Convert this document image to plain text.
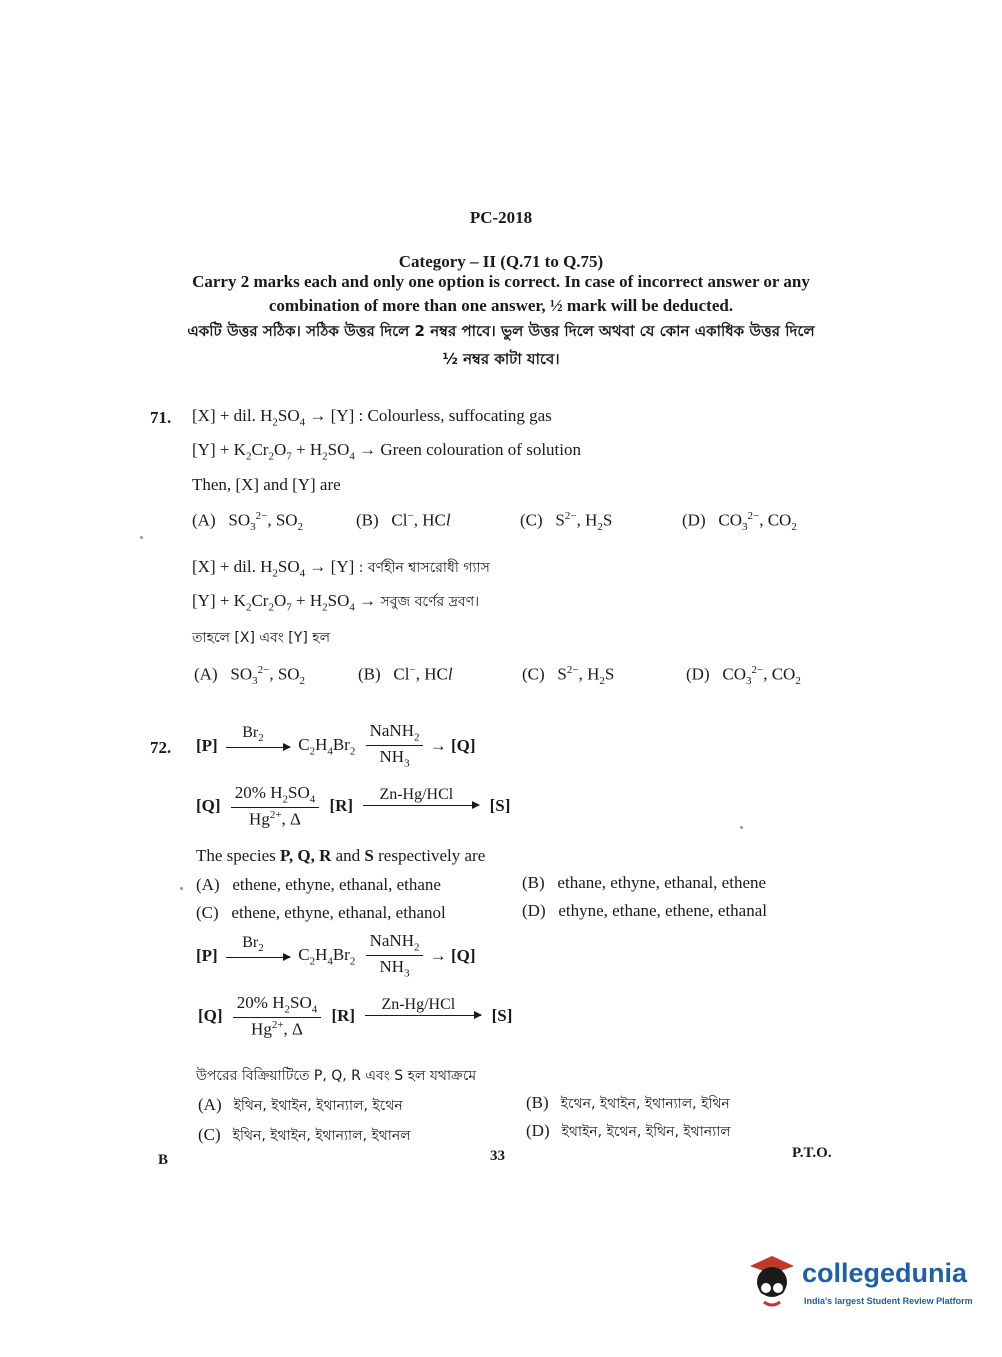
PC-2018
Category – II (Q.71 to Q.75)
Carry 2 marks each and only one option is correct. In case of incorrect answer or any
combination of more than one answer, ½ mark will be deducted.
একটি উত্তর সঠিক। সঠিক উত্তর দিলে 2 নম্বর পাবে। ভুল উত্তর দিলে অথবা যে কোন একাধিক উত্তর দিলে
½ নম্বর কাটা যাবে।
71. [X] + dil. $H_2SO_4 \to [Y]$ : Colourless, suffocating gas
$[Y] + K_2Cr_2O_7 + H_2SO_4$ → Green colouration of solution
Then, [X] and [Y] are
(A)   $SO_3^{2-}$, $SO_2$	(B)   Cl−, HCl	(C)   $S^{2-}$, $H_2S$	(D)   $CO_3^{2-}$, $CO_2$
[X] + dil. $H_2SO_4 \to [Y]$ : বর্ণহীন শ্বাসরোধী গ্যাস
$[Y] + K_2Cr_2O_7 + H_2SO_4$ → সবুজ বর্ণের দ্রবণ।
তাহলে [X] এবং [Y] হল
(A)   $SO_3^{2-}$, $SO_2$	(B)   Cl−, HCl	(C)   $S^{2-}$, $H_2S$	(D)   $CO_3^{2-}$, $CO_2$
72. [P]
$Br_2$
	$C_2H_4Br_2 \frac{NaNH_2}{NH_3} \to [Q]$
$[Q] \frac{20\% H_2SO_4}{Hg^{2+}, \Delta} [R]$
Zn-Hg/HCl

[S]
The species P, Q, R and S respectively are
(A) ethene, ethyne, ethanal, ethane	(B) ethane, ethyne, ethanal, ethene
(C) ethene, ethyne, ethanal, ethanol	(D) ethyne, ethane, ethene, ethanal
[P]
$Br_2$
	$C_2H_4Br_2 \frac{NaNH_2}{NH_3} \to [Q]$
$[Q] \frac{20\% H_2SO_4}{Hg^{2+}, \Delta} [R]$
Zn-Hg/HCl

[S]
উপরের বিক্রিয়াটিতে P, Q, R এবং S হল যথাক্রমে
(A) ইথিন, ইথাইন, ইথান্যাল, ইথেন	(B) ইথেন, ইথাইন, ইথান্যাল, ইথিন
(C) ইথিন, ইথাইন, ইথান্যাল, ইথানল	(D) ইথাইন, ইথেন, ইথিন, ইথান্যাল
B	33	P.T.O.
collegedunia
India's largest Student Review Platform
